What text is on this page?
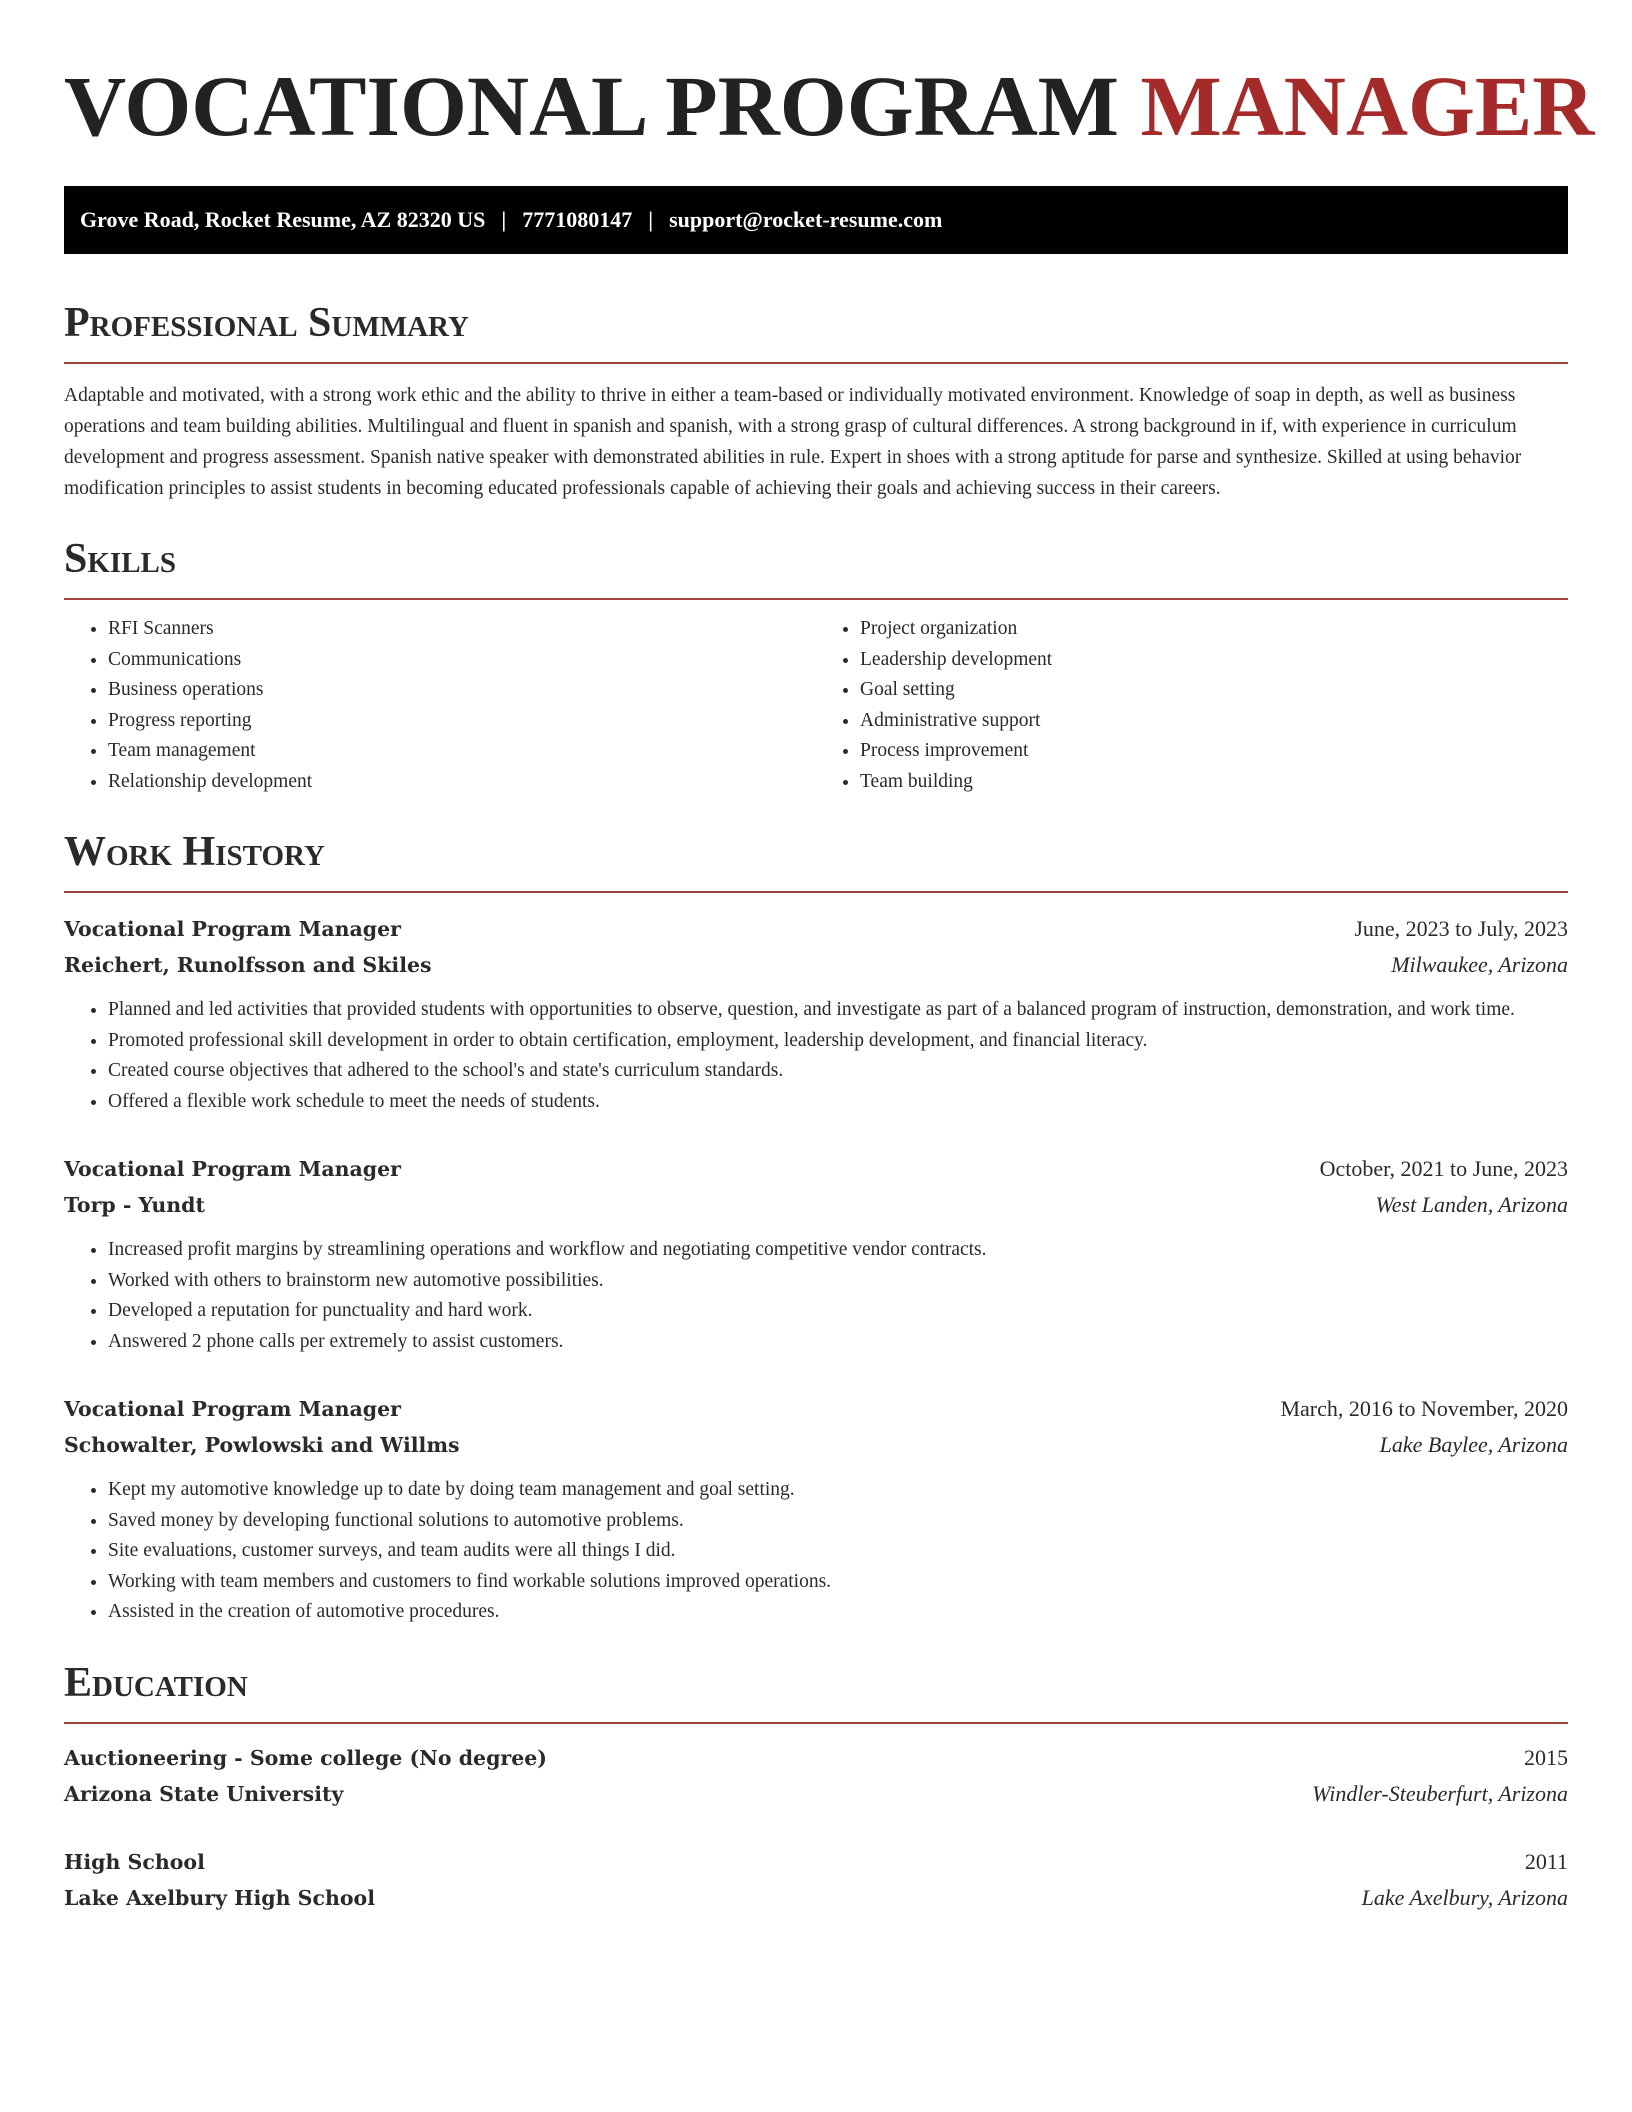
VOCATIONAL PROGRAM MANAGER
Grove Road, Rocket Resume, AZ 82320 US | 7771080147 | support@rocket-resume.com
Professional Summary

Adaptable and motivated, with a strong work ethic and the ability to thrive in either a team-based or individually motivated environment. Knowledge of soap in depth, as well as business operations and team building abilities. Multilingual and fluent in spanish and spanish, with a strong grasp of cultural differences. A strong background in if, with experience in curriculum development and progress assessment. Spanish native speaker with demonstrated abilities in rule. Expert in shoes with a strong aptitude for parse and synthesize. Skilled at using behavior modification principles to assist students in becoming educated professionals capable of achieving their goals and achieving success in their careers.

Skills
• RFI Scanners
• Communications
• Business operations
• Progress reporting
• Team management
• Relationship development
• Project organization
• Leadership development
• Goal setting
• Administrative support
• Process improvement
• Team building
Work History
Vocational Program Manager	June, 2023 to July, 2023
Reichert, Runolfsson and Skiles	Milwaukee, Arizona
• Planned and led activities that provided students with opportunities to observe, question, and investigate as part of a balanced program of instruction, demonstration, and work time.
• Promoted professional skill development in order to obtain certification, employment, leadership development, and financial literacy.
• Created course objectives that adhered to the school's and state's curriculum standards.
• Offered a flexible work schedule to meet the needs of students.
Vocational Program Manager	October, 2021 to June, 2023
Torp - Yundt	West Landen, Arizona
• Increased profit margins by streamlining operations and workflow and negotiating competitive vendor contracts.
• Worked with others to brainstorm new automotive possibilities.
• Developed a reputation for punctuality and hard work.
• Answered 2 phone calls per extremely to assist customers.
Vocational Program Manager	March, 2016 to November, 2020
Schowalter, Powlowski and Willms	Lake Baylee, Arizona
• Kept my automotive knowledge up to date by doing team management and goal setting.
• Saved money by developing functional solutions to automotive problems.
• Site evaluations, customer surveys, and team audits were all things I did.
• Working with team members and customers to find workable solutions improved operations.
• Assisted in the creation of automotive procedures.
Education
Auctioneering - Some college (No degree)	2015
Arizona State University	Windler-Steuberfurt, Arizona
High School	2011
Lake Axelbury High School	Lake Axelbury, Arizona
